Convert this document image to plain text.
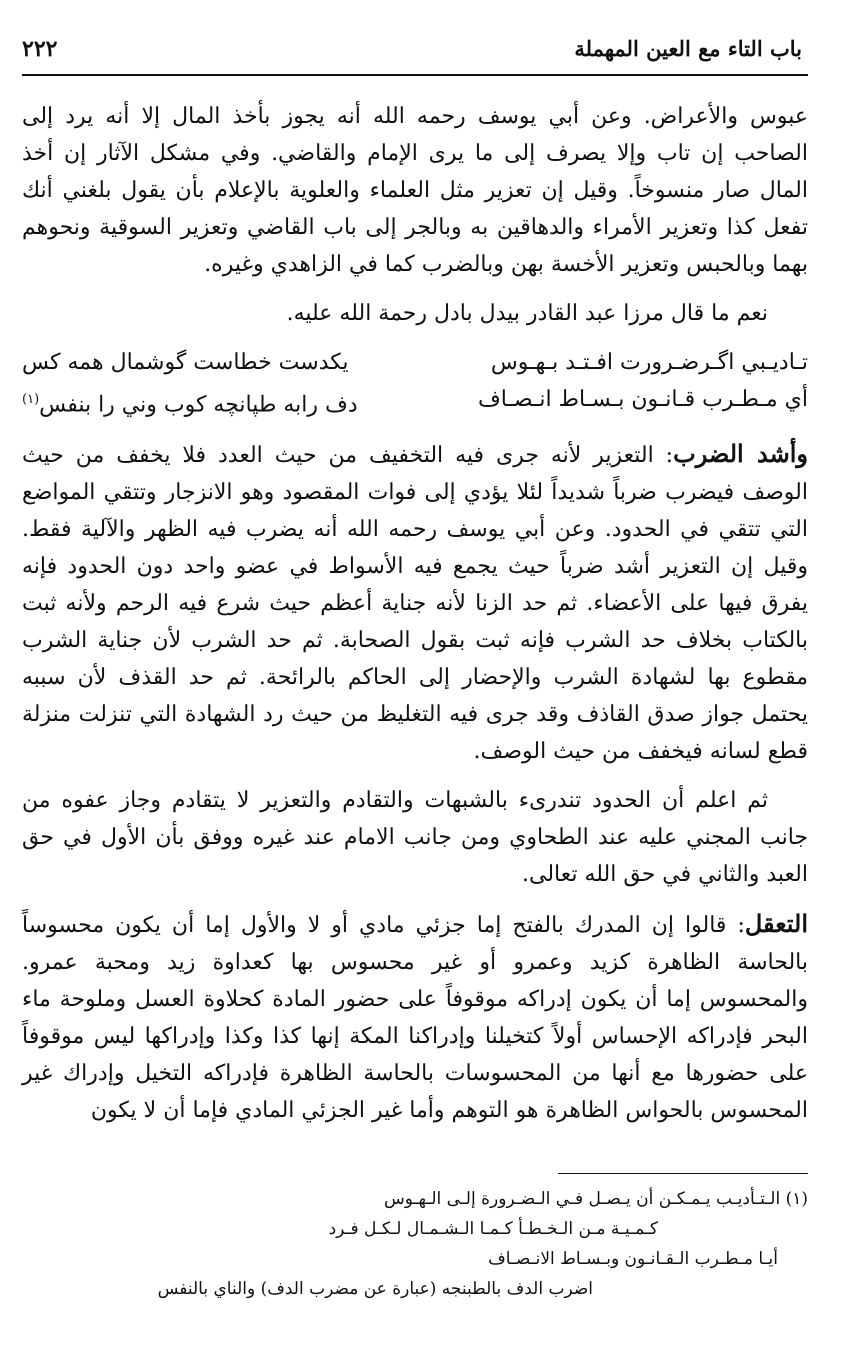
باب التاء مع العين المهملة
٢٢٢

عبوس والأعراض. وعن أبي يوسف رحمه الله أنه يجوز بأخذ المال إلا أنه يرد إلى الصاحب إن تاب وإلا يصرف إلى ما يرى الإمام والقاضي. وفي مشكل الآثار إن أخذ المال صار منسوخاً. وقيل إن تعزير مثل العلماء والعلوية بالإعلام بأن يقول بلغني أنك تفعل كذا وتعزير الأمراء والدهاقين به وبالجر إلى باب القاضي وتعزير السوقية ونحوهم بهما وبالحبس وتعزير الأخسة بهن وبالضرب كما في الزاهدي وغيره.

نعم ما قال مرزا عبد القادر بيدل بادل رحمة الله عليه.

تـاديـبي اگـرضـرورت افـتـد بـهـوس
يكدست خطاست گوشمال همه كس
أي مـطـرب قـانـون بـسـاط انـصـاف
دف رابه طپانچه كوب وني را بنفس$^{(١)}$

وأشد الضرب: التعزير لأنه جرى فيه التخفيف من حيث العدد فلا يخفف من حيث الوصف فيضرب ضرباً شديداً لئلا يؤدي إلى فوات المقصود وهو الانزجار وتتقي المواضع التي تتقي في الحدود. وعن أبي يوسف رحمه الله أنه يضرب فيه الظهر والآلية فقط. وقيل إن التعزير أشد ضرباً حيث يجمع فيه الأسواط في عضو واحد دون الحدود فإنه يفرق فيها على الأعضاء. ثم حد الزنا لأنه جناية أعظم حيث شرع فيه الرحم ولأنه ثبت بالكتاب بخلاف حد الشرب فإنه ثبت بقول الصحابة. ثم حد الشرب لأن جناية الشرب مقطوع بها لشهادة الشرب والإحضار إلى الحاكم بالرائحة. ثم حد القذف لأن سببه يحتمل جواز صدق القاذف وقد جرى فيه التغليظ من حيث رد الشهادة التي تنزلت منزلة قطع لسانه فيخفف من حيث الوصف.

ثم اعلم أن الحدود تندرىء بالشبهات والتقادم والتعزير لا يتقادم وجاز عفوه من جانب المجني عليه عند الطحاوي ومن جانب الامام عند غيره ووفق بأن الأول في حق العبد والثاني في حق الله تعالى.

التعقل: قالوا إن المدرك بالفتح إما جزئي مادي أو لا والأول إما أن يكون محسوساً بالحاسة الظاهرة كزيد وعمرو أو غير محسوس بها كعداوة زيد ومحبة عمرو. والمحسوس إما أن يكون إدراكه موقوفاً على حضور المادة كحلاوة العسل وملوحة ماء البحر فإدراكه الإحساس أولاً كتخيلنا وإدراكنا المكة إنها كذا وكذا وإدراكها ليس موقوفاً على حضورها مع أنها من المحسوسات بالحاسة الظاهرة فإدراكه التخيل وإدراك غير المحسوس بالحواس الظاهرة هو التوهم وأما غير الجزئي المادي فإما أن لا يكون

(١) الـتـأديـب يـمـكـن أن يـصـل فـي الـضـرورة إلـى الـهـوس
كـمـيـة مـن الـخـطـأ كـمـا الـشـمـال لـكـل فـرد
أيـا مـطـرب الـقـانـون وبـسـاط الانـصـاف
اضرب الدف بالطبنجه (عبارة عن مضرب الدف) والناي بالنفس
